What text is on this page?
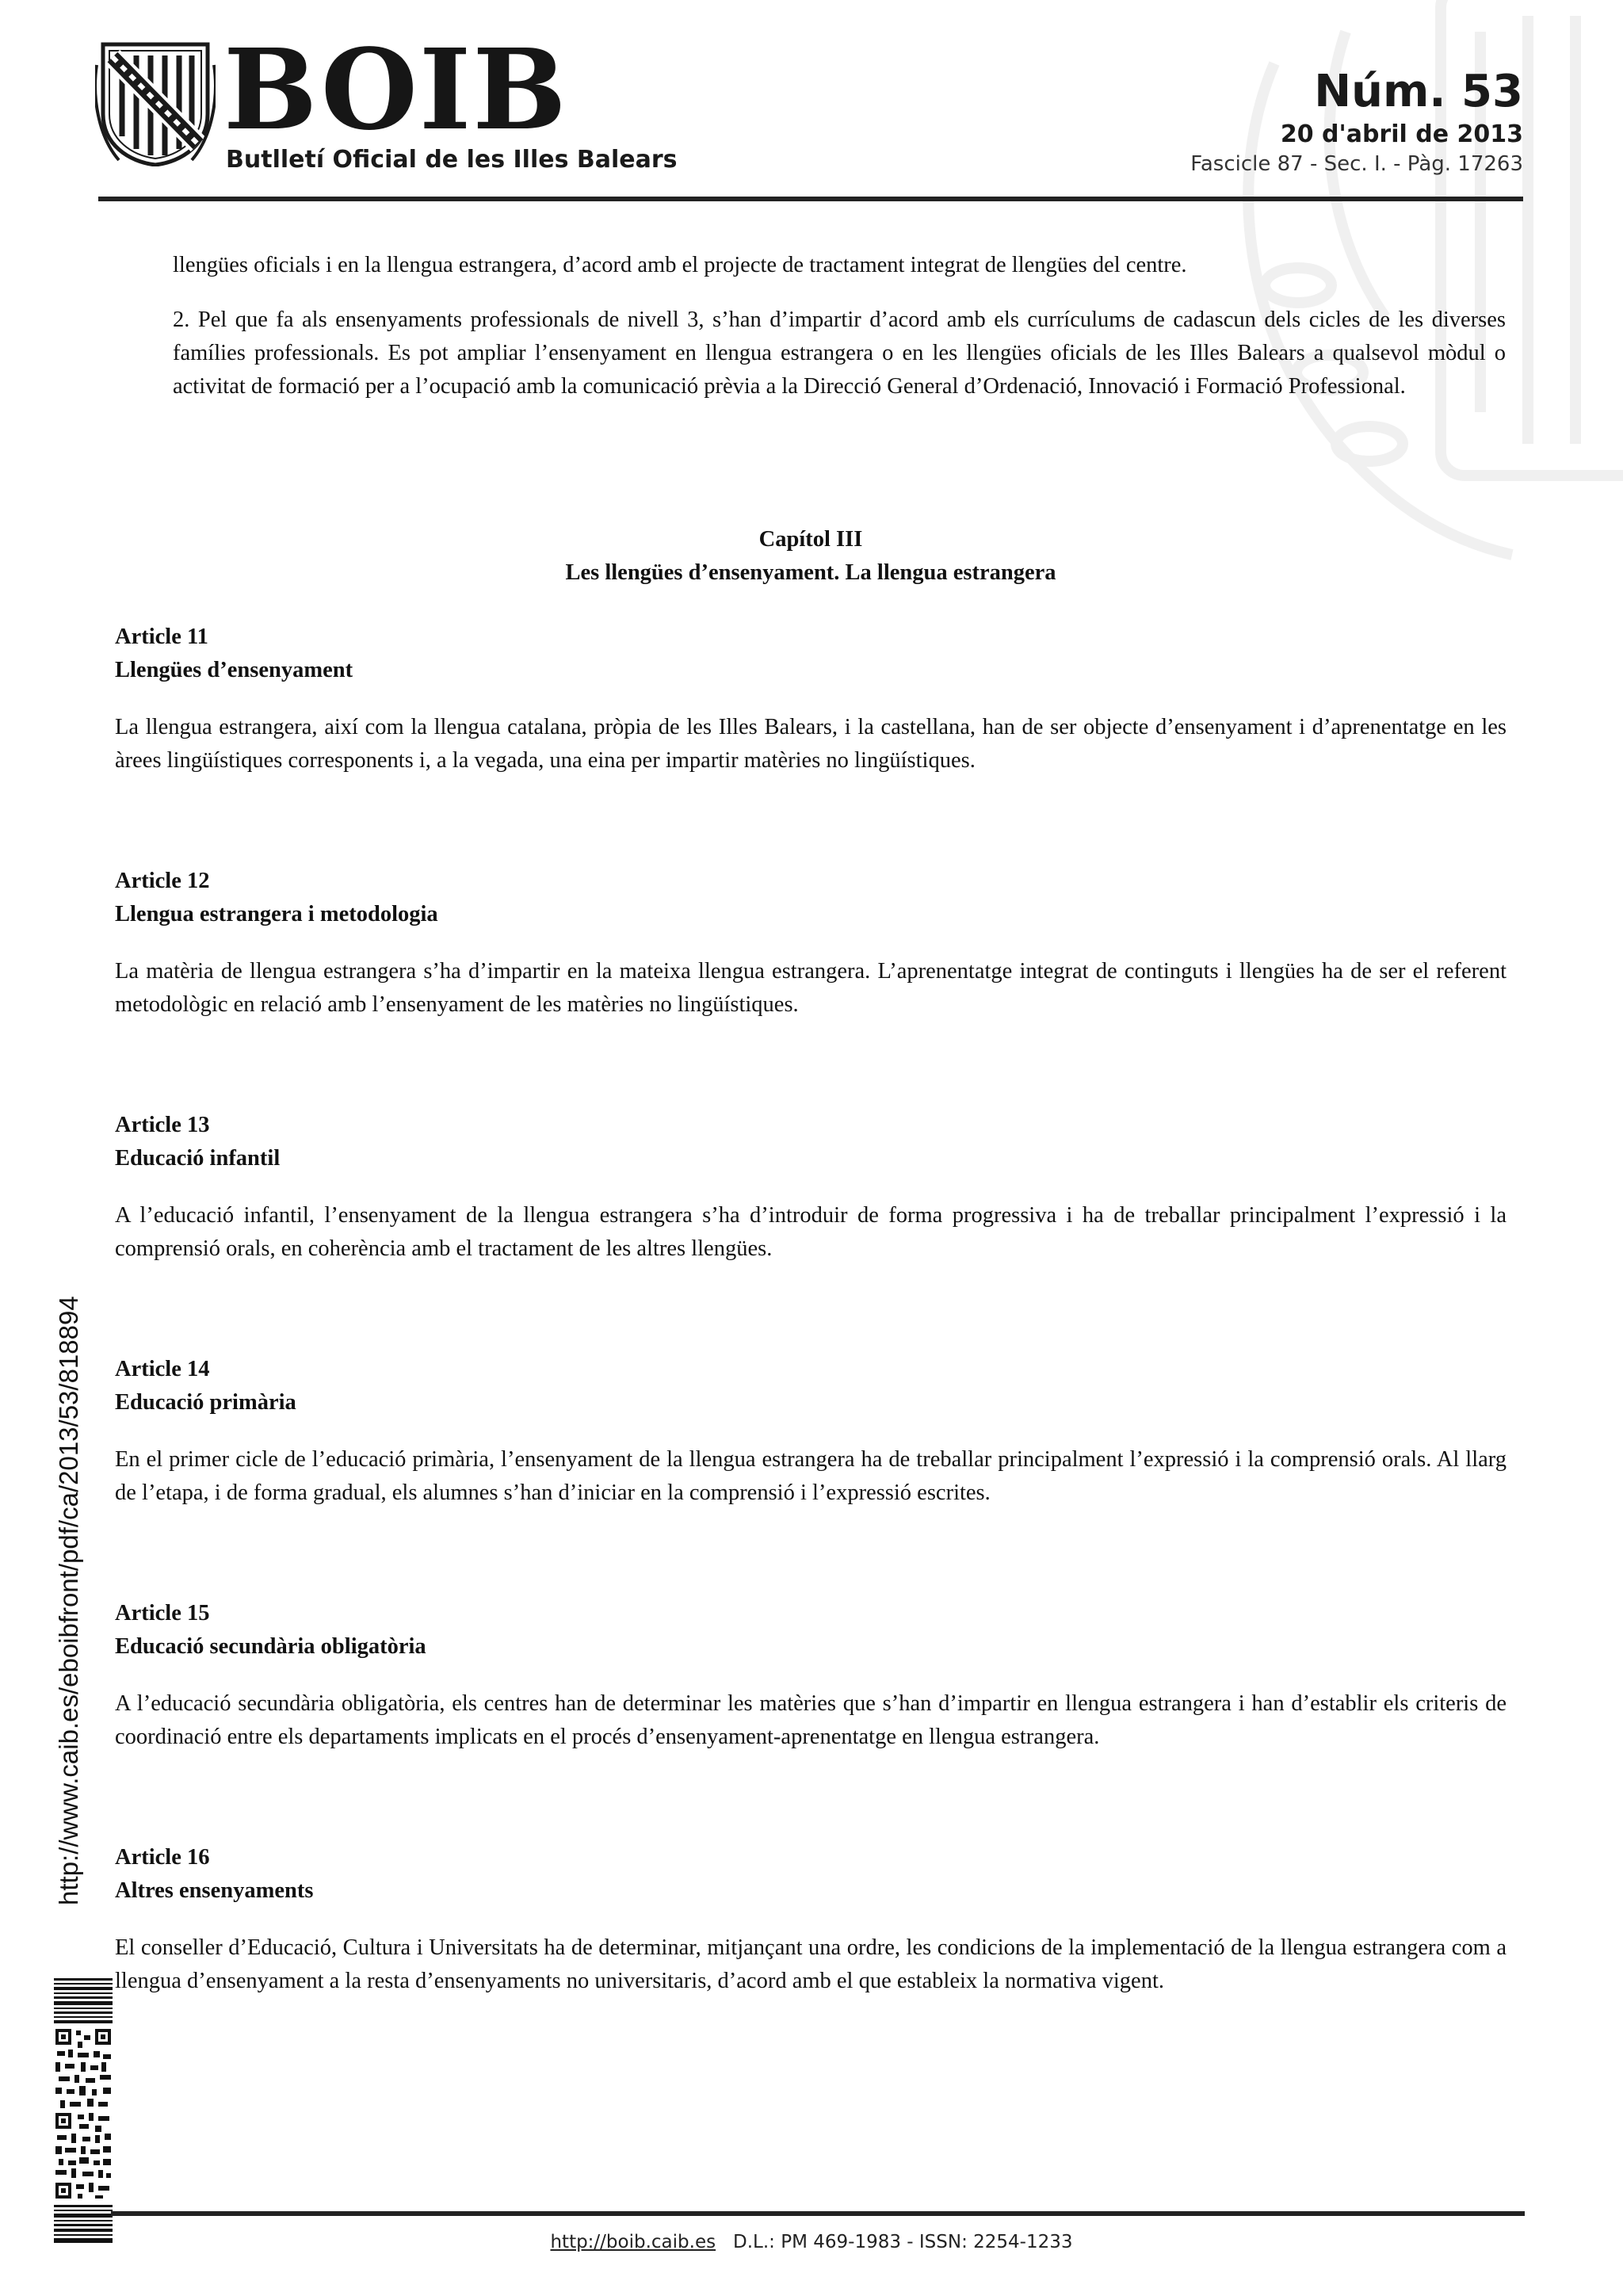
BOIB
Butlletí Oficial de les Illes Balears
Núm. 53
20 d'abril de 2013
Fascicle 87 - Sec. I. - Pàg. 17263
llengües oficials i en la llengua estrangera, d’acord amb el projecte de tractament integrat de llengües del centre.
2. Pel que fa als ensenyaments professionals de nivell 3, s’han d’impartir d’acord amb els currículums de cadascun dels cicles de les diverses famílies professionals. Es pot ampliar l’ensenyament en llengua estrangera o en les llengües oficials de les Illes Balears a qualsevol mòdul o activitat de formació per a l’ocupació amb la comunicació prèvia a la Direcció General d’Ordenació, Innovació i Formació Professional.
Capítol III
Les llengües d’ensenyament. La llengua estrangera
Article 11
Llengües d’ensenyament
La llengua estrangera, així com la llengua catalana, pròpia de les Illes Balears, i la castellana, han de ser objecte d’ensenyament i d’aprenentatge en les àrees lingüístiques corresponents i, a la vegada, una eina per impartir matèries no lingüístiques.
Article 12
Llengua estrangera i metodologia
La matèria de llengua estrangera s’ha d’impartir en la mateixa llengua estrangera. L’aprenentatge integrat de continguts i llengües ha de ser el referent metodològic en relació amb l’ensenyament de les matèries no lingüístiques.
Article 13
Educació infantil
A l’educació infantil, l’ensenyament de la llengua estrangera s’ha d’introduir de forma progressiva i ha de treballar principalment l’expressió i la comprensió orals, en coherència amb el tractament de les altres llengües.
Article 14
Educació primària
En el primer cicle de l’educació primària, l’ensenyament de la llengua estrangera ha de treballar principalment l’expressió i la comprensió orals. Al llarg de l’etapa, i de forma gradual, els alumnes s’han d’iniciar en la comprensió i l’expressió escrites.
Article 15
Educació secundària obligatòria
A l’educació secundària obligatòria, els centres han de determinar les matèries que s’han d’impartir en llengua estrangera i han d’establir els criteris de coordinació entre els departaments implicats en el procés d’ensenyament-aprenentatge en llengua estrangera.
Article 16
Altres ensenyaments
El conseller d’Educació, Cultura i Universitats ha de determinar, mitjançant una ordre, les condicions de la implementació de la llengua estrangera com a llengua d’ensenyament a la resta d’ensenyaments no universitaris, d’acord amb el que estableix la normativa vigent.
http://www.caib.es/eboibfront/pdf/ca/2013/53/818894
http://boib.caib.es D.L.: PM 469-1983 - ISSN: 2254-1233
